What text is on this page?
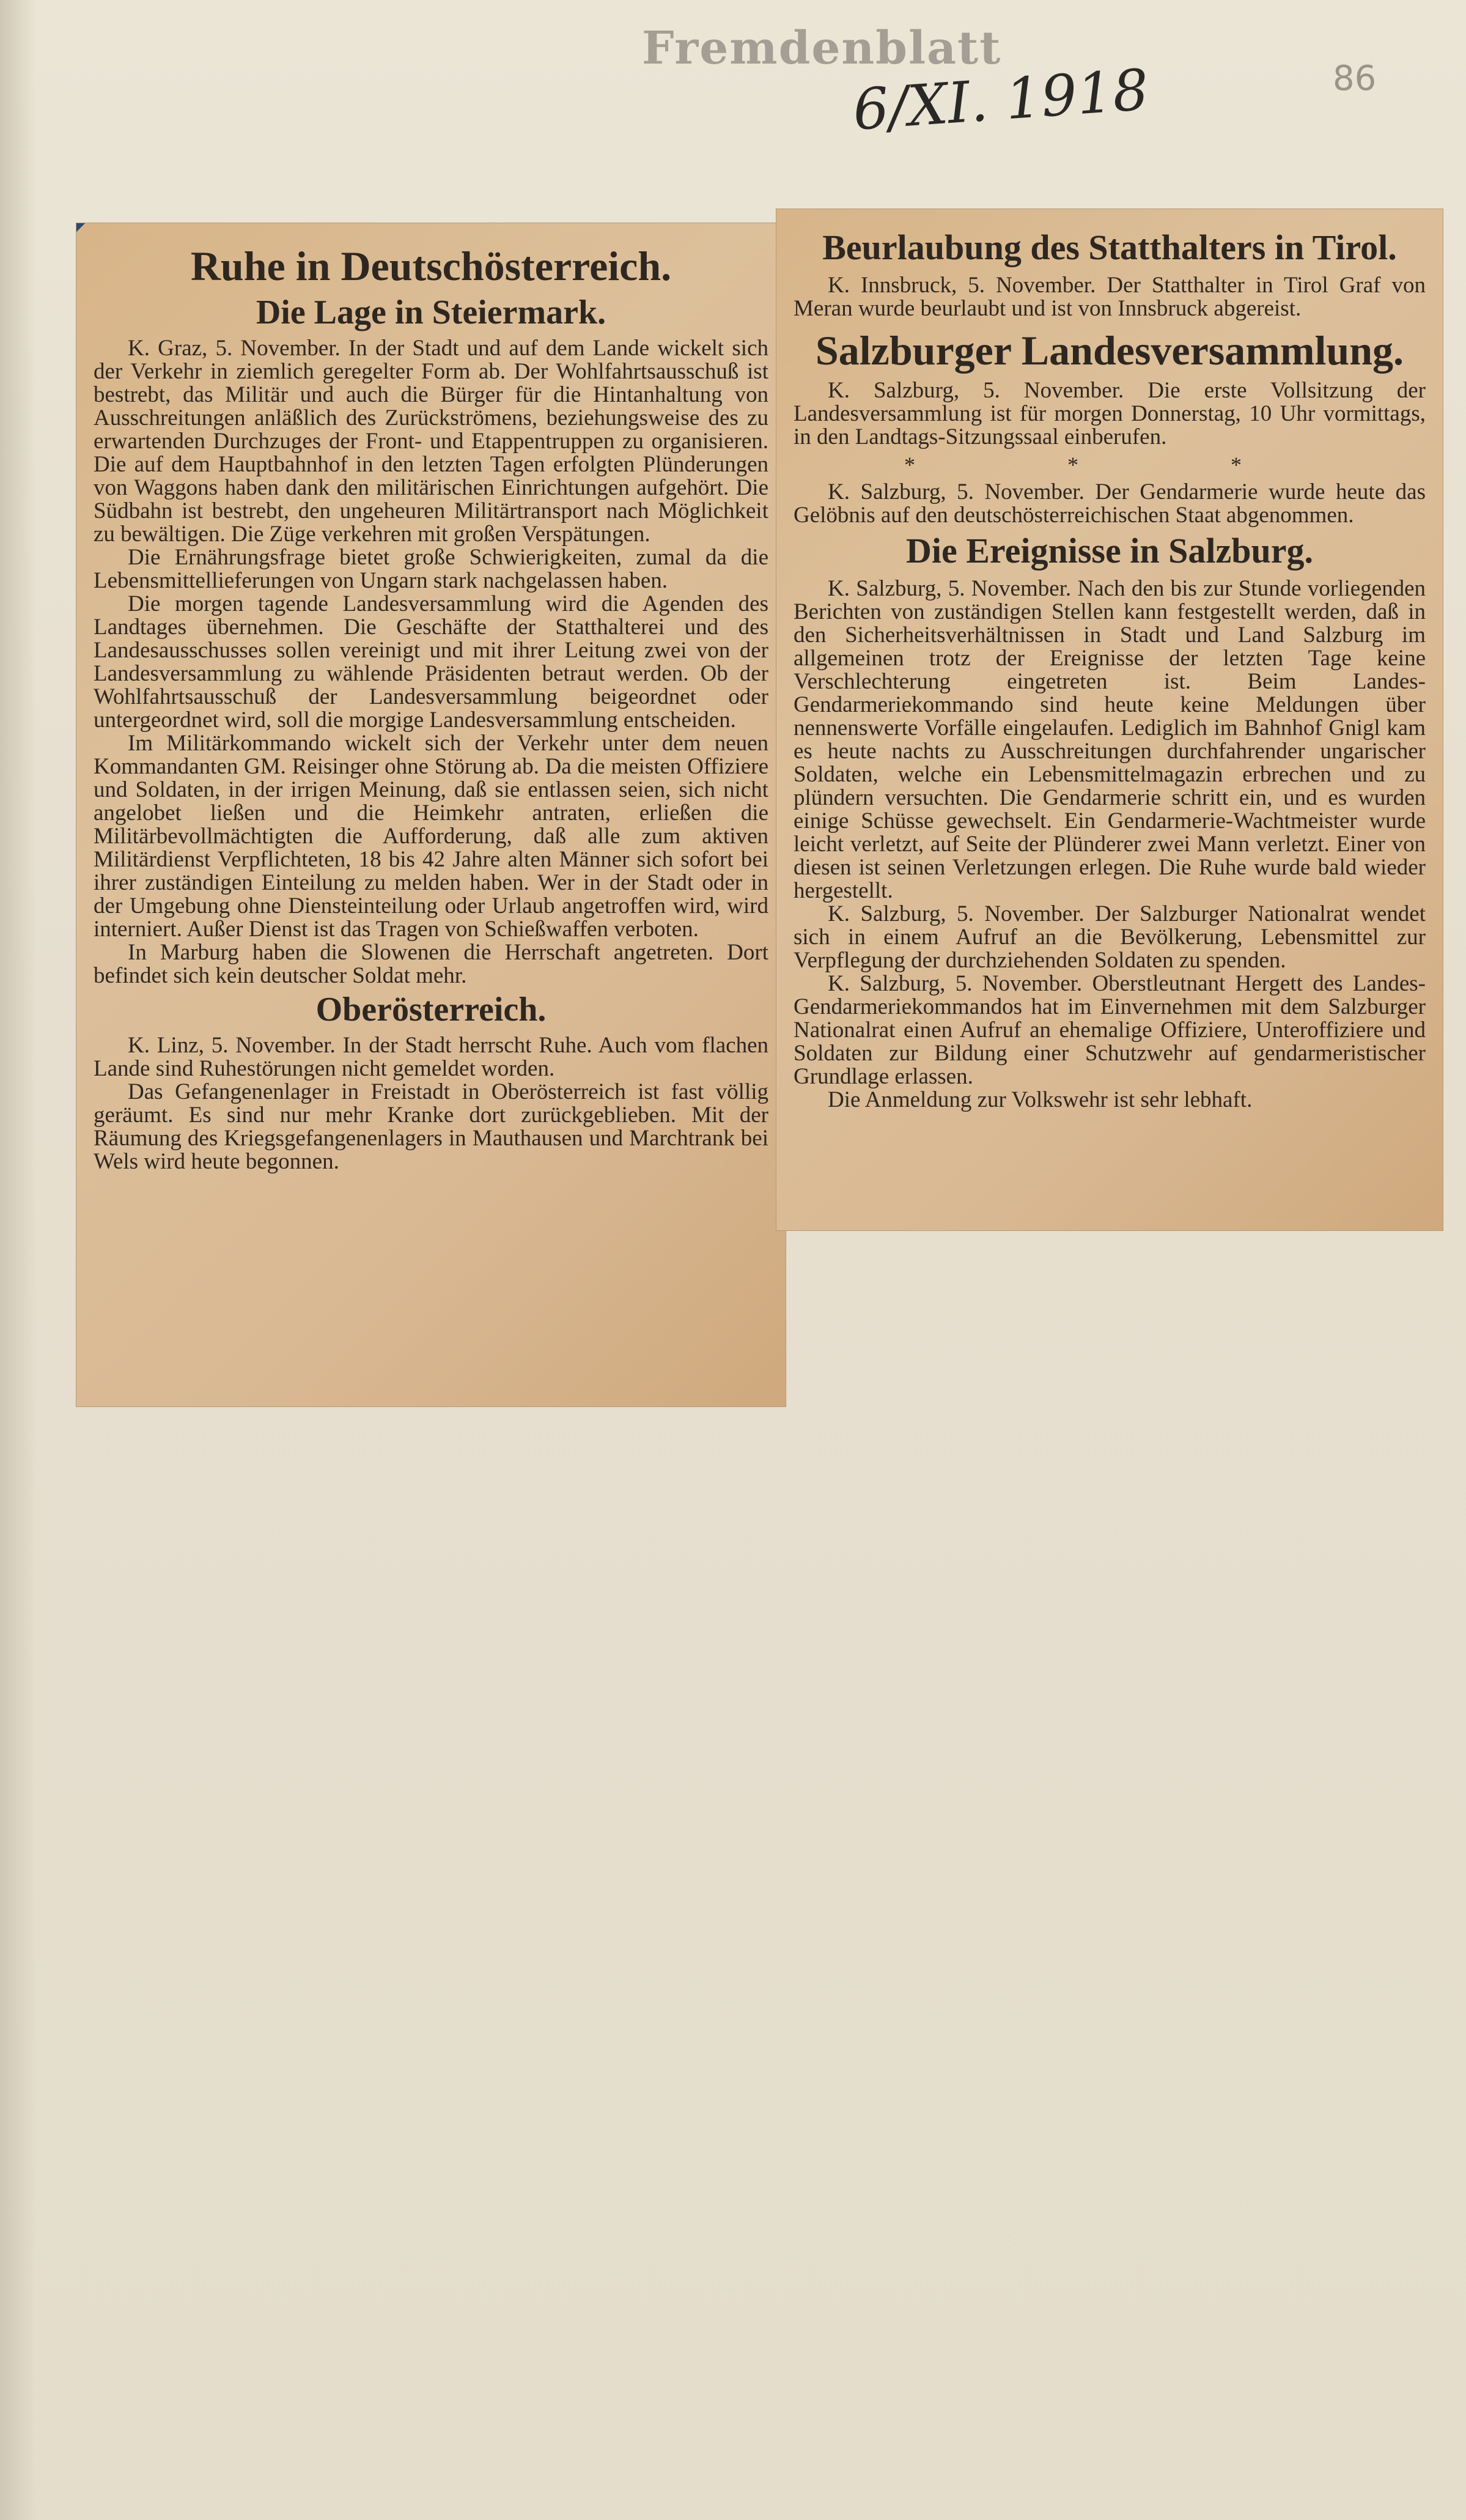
Fremdenblatt
6/XI. 1918	86
Ruhe in Deutschösterreich.
Die Lage in Steiermark.

K. Graz, 5. November. In der Stadt und auf dem Lande wickelt sich der Verkehr in ziemlich geregelter Form ab. Der Wohlfahrtsausschuß ist bestrebt, das Militär und auch die Bürger für die Hintanhaltung von Ausschreitungen anläßlich des Zurückströmens, beziehungsweise des zu erwartenden Durchzuges der Front- und Etappentruppen zu organisieren. Die auf dem Hauptbahnhof in den letzten Tagen erfolgten Plünderungen von Waggons haben dank den militärischen Einrichtungen aufgehört. Die Südbahn ist bestrebt, den ungeheuren Militärtransport nach Möglichkeit zu bewältigen. Die Züge verkehren mit großen Verspätungen.

Die Ernährungsfrage bietet große Schwierigkeiten, zumal da die Lebensmittellieferungen von Ungarn stark nachgelassen haben.

Die morgen tagende Landesversammlung wird die Agenden des Landtages übernehmen. Die Geschäfte der Statthalterei und des Landesausschusses sollen vereinigt und mit ihrer Leitung zwei von der Landesversammlung zu wählende Präsidenten betraut werden. Ob der Wohlfahrtsausschuß der Landesversammlung beigeordnet oder untergeordnet wird, soll die morgige Landesversammlung entscheiden.

Im Militärkommando wickelt sich der Verkehr unter dem neuen Kommandanten GM. Reisinger ohne Störung ab. Da die meisten Offiziere und Soldaten, in der irrigen Meinung, daß sie entlassen seien, sich nicht angelobet ließen und die Heimkehr antraten, erließen die Militärbevollmächtigten die Aufforderung, daß alle zum aktiven Militärdienst Verpflichteten, 18 bis 42 Jahre alten Männer sich sofort bei ihrer zuständigen Einteilung zu melden haben. Wer in der Stadt oder in der Umgebung ohne Diensteinteilung oder Urlaub angetroffen wird, wird interniert. Außer Dienst ist das Tragen von Schießwaffen verboten.

In Marburg haben die Slowenen die Herrschaft angetreten. Dort befindet sich kein deutscher Soldat mehr.

Oberösterreich.

K. Linz, 5. November. In der Stadt herrscht Ruhe. Auch vom flachen Lande sind Ruhestörungen nicht gemeldet worden.

Das Gefangenenlager in Freistadt in Oberösterreich ist fast völlig geräumt. Es sind nur mehr Kranke dort zurückgeblieben. Mit der Räumung des Kriegsgefangenenlagers in Mauthausen und Marchtrank bei Wels wird heute begonnen.

Beurlaubung des Statthalters in Tirol.

K. Innsbruck, 5. November. Der Statthalter in Tirol Graf von Meran wurde beurlaubt und ist von Innsbruck abgereist.

Salzburger Landesversammlung.

K. Salzburg, 5. November. Die erste Vollsitzung der Landesversammlung ist für morgen Donnerstag, 10 Uhr vormittags, in den Landtags-Sitzungssaal einberufen.

* * *

K. Salzburg, 5. November. Der Gendarmerie wurde heute das Gelöbnis auf den deutschösterreichischen Staat abgenommen.

Die Ereignisse in Salzburg.

K. Salzburg, 5. November. Nach den bis zur Stunde vorliegenden Berichten von zuständigen Stellen kann festgestellt werden, daß in den Sicherheitsverhältnissen in Stadt und Land Salzburg im allgemeinen trotz der Ereignisse der letzten Tage keine Verschlechterung eingetreten ist. Beim Landes-Gendarmeriekommando sind heute keine Meldungen über nennenswerte Vorfälle eingelaufen. Lediglich im Bahnhof Gnigl kam es heute nachts zu Ausschreitungen durchfahrender ungarischer Soldaten, welche ein Lebensmittelmagazin erbrechen und zu plündern versuchten. Die Gendarmerie schritt ein, und es wurden einige Schüsse gewechselt. Ein Gendarmerie-Wachtmeister wurde leicht verletzt, auf Seite der Plünderer zwei Mann verletzt. Einer von diesen ist seinen Verletzungen erlegen. Die Ruhe wurde bald wieder hergestellt.

K. Salzburg, 5. November. Der Salzburger Nationalrat wendet sich in einem Aufruf an die Bevölkerung, Lebensmittel zur Verpflegung der durchziehenden Soldaten zu spenden.

K. Salzburg, 5. November. Oberstleutnant Hergett des Landes-Gendarmeriekommandos hat im Einvernehmen mit dem Salzburger Nationalrat einen Aufruf an ehemalige Offiziere, Unteroffiziere und Soldaten zur Bildung einer Schutzwehr auf gendarmeristischer Grundlage erlassen.

Die Anmeldung zur Volkswehr ist sehr lebhaft.
